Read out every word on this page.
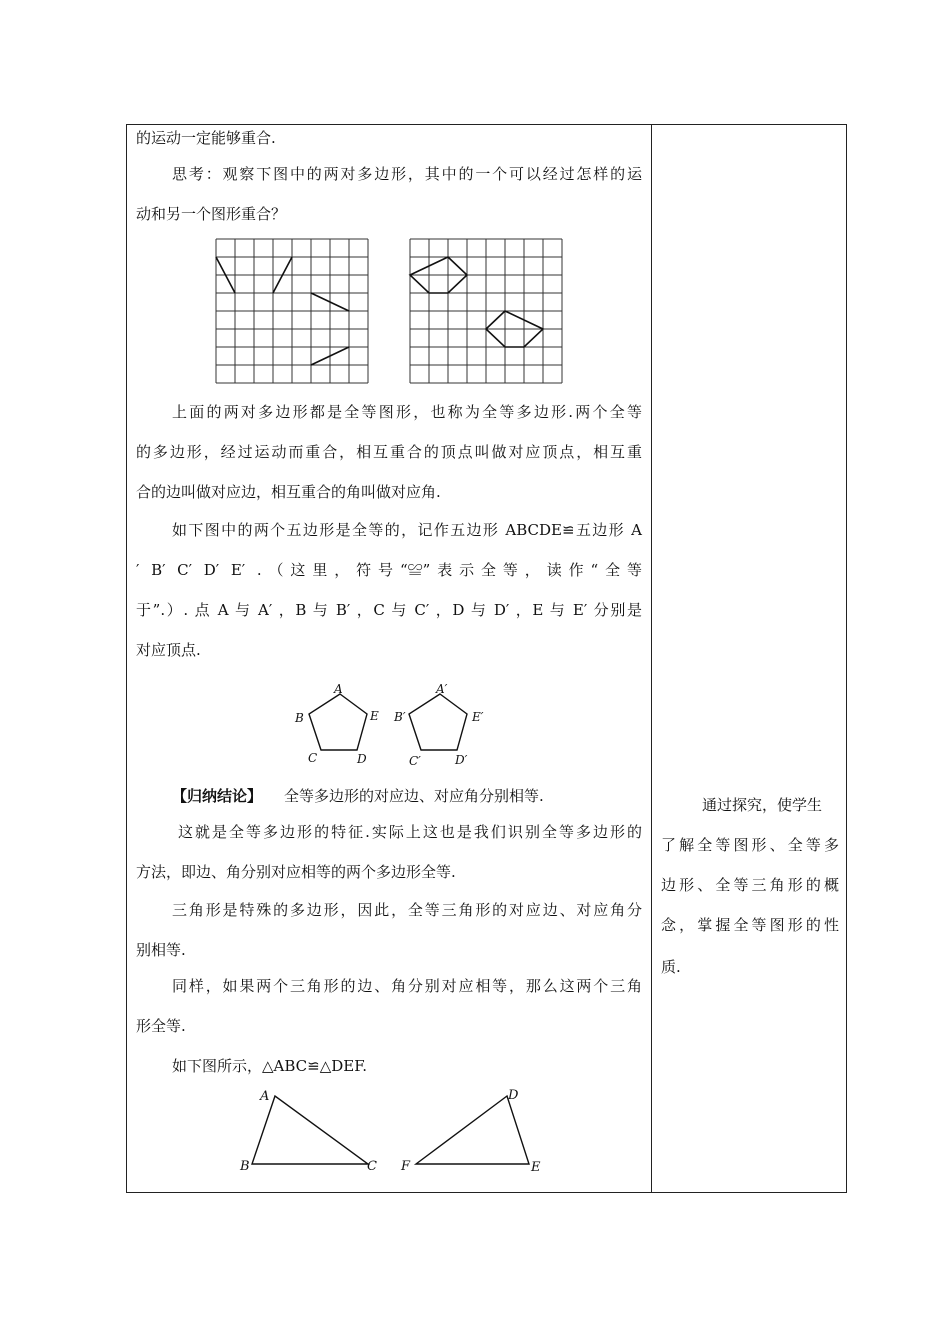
的运动一定能够重合.
思考：观察下图中的两对多边形，其中的一个可以经过怎样的运
动和另一个图形重合？
上面的两对多边形都是全等图形，也称为全等多边形.两个全等
的多边形，经过运动而重合，相互重合的顶点叫做对应顶点，相互重
合的边叫做对应边，相互重合的角叫做对应角.
如下图中的两个五边形是全等的，记作五边形 ABCDE≌五边形 A
′ B′ C′ D′ E′ .（这里，符号“≌”表示全等，读作“全等
于”.）. 点 A 与 A′ ，B 与 B′ ，C 与 C′ ，D 与 D′ ，E 与 E′ 分别是
对应顶点.
A
B
C	D
E
A′
B′
C′	D′
E′
【归纳结论】 全等多边形的对应边、对应角分别相等.
这就是全等多边形的特征.实际上这也是我们识别全等多边形的
方法，即边、角分别对应相等的两个多边形全等.
三角形是特殊的多边形，因此，全等三角形的对应边、对应角分
别相等.
同样，如果两个三角形的边、角分别对应相等，那么这两个三角
形全等.
如下图所示，△ABC≌△DEF.
A
B	C
D
E
F
通过探究，使学生
了解全等图形、全等多
边形、全等三角形的概
念，掌握全等图形的性
质.
